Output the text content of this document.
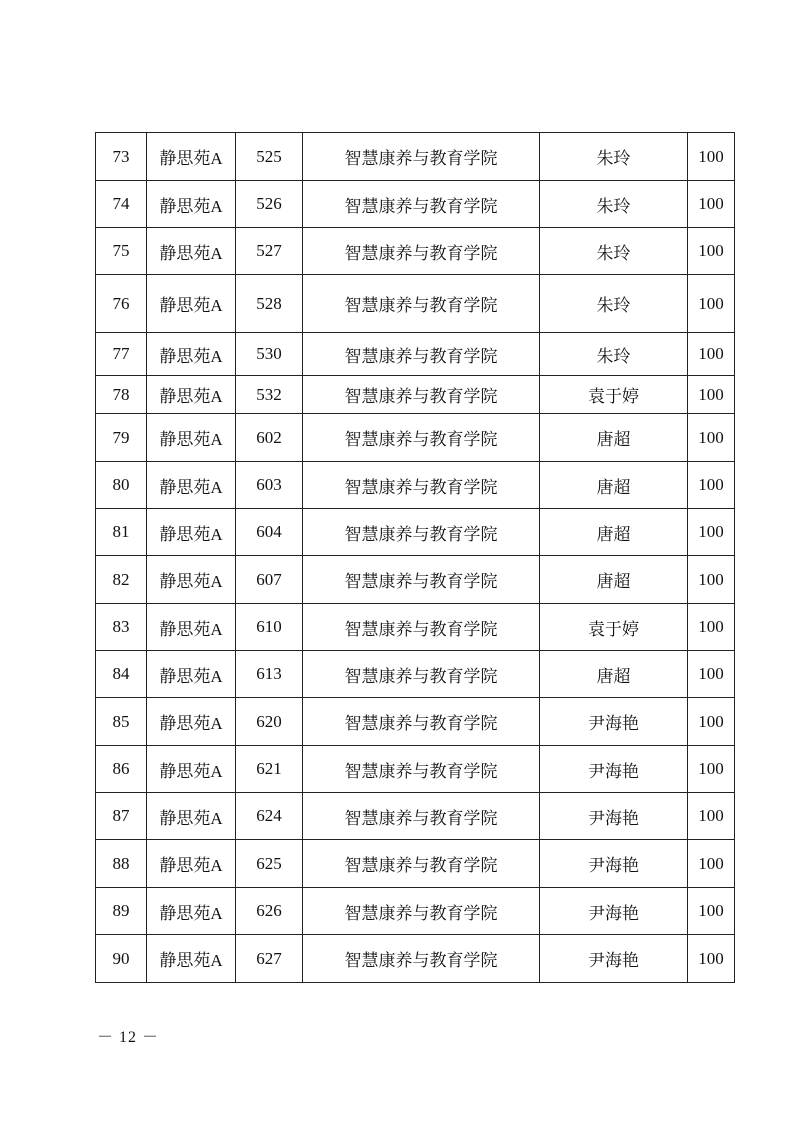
73	静思苑A	525	智慧康养与教育学院	朱玲	100
74	静思苑A	526	智慧康养与教育学院	朱玲	100
75	静思苑A	527	智慧康养与教育学院	朱玲	100
76	静思苑A	528	智慧康养与教育学院	朱玲	100
77	静思苑A	530	智慧康养与教育学院	朱玲	100
78	静思苑A	532	智慧康养与教育学院	袁于婷	100
79	静思苑A	602	智慧康养与教育学院	唐超	100
80	静思苑A	603	智慧康养与教育学院	唐超	100
81	静思苑A	604	智慧康养与教育学院	唐超	100
82	静思苑A	607	智慧康养与教育学院	唐超	100
83	静思苑A	610	智慧康养与教育学院	袁于婷	100
84	静思苑A	613	智慧康养与教育学院	唐超	100
85	静思苑A	620	智慧康养与教育学院	尹海艳	100
86	静思苑A	621	智慧康养与教育学院	尹海艳	100
87	静思苑A	624	智慧康养与教育学院	尹海艳	100
88	静思苑A	625	智慧康养与教育学院	尹海艳	100
89	静思苑A	626	智慧康养与教育学院	尹海艳	100
90	静思苑A	627	智慧康养与教育学院	尹海艳	100
－ 12 －
